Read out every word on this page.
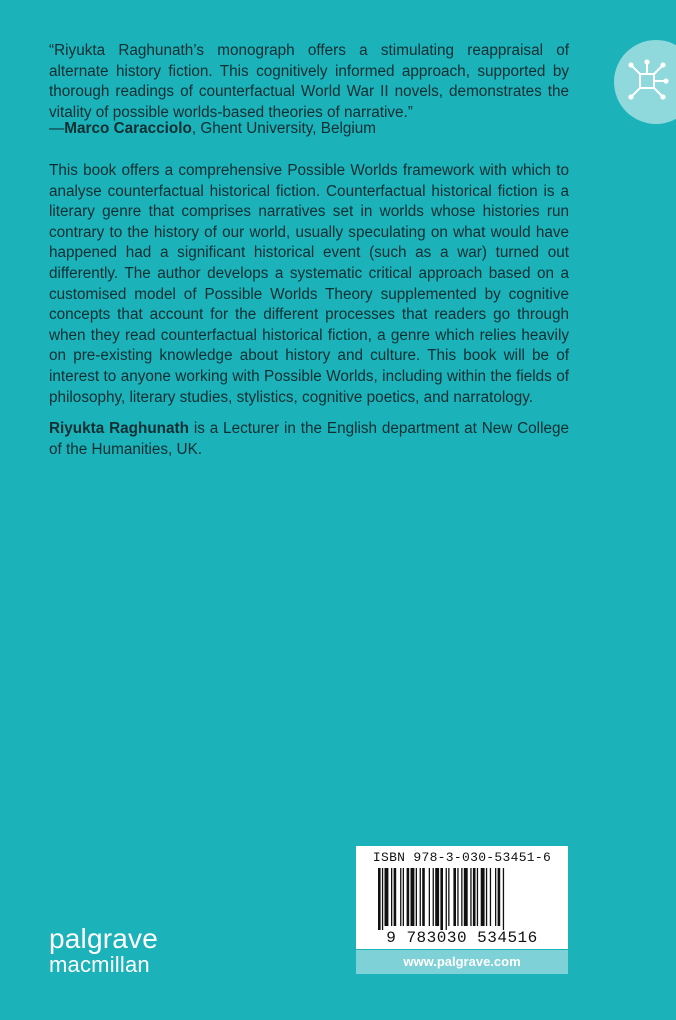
“Riyukta Raghunath’s monograph offers a stimulating reappraisal of alternate history fiction. This cognitively informed approach, supported by thorough readings of counterfactual World War II novels, demonstrates the vitality of possible worlds-based theories of narrative.”
—Marco Caracciolo, Ghent University, Belgium
This book offers a comprehensive Possible Worlds framework with which to analyse counterfactual historical fiction. Counterfactual historical fiction is a literary genre that comprises narratives set in worlds whose histories run contrary to the history of our world, usually speculating on what would have happened had a significant historical event (such as a war) turned out differently. The author develops a systematic critical approach based on a customised model of Possible Worlds Theory supplemented by cognitive concepts that account for the different processes that readers go through when they read counterfactual historical fiction, a genre which relies heavily on pre-existing knowledge about history and culture. This book will be of interest to anyone working with Possible Worlds, including within the fields of philosophy, literary studies, stylistics, cognitive poetics, and narratology.
Riyukta Raghunath is a Lecturer in the English department at New College of the Humanities, UK.
ISBN 978-3-030-53451-6
9 783030 534516
www.palgrave.com
palgrave
macmillan
